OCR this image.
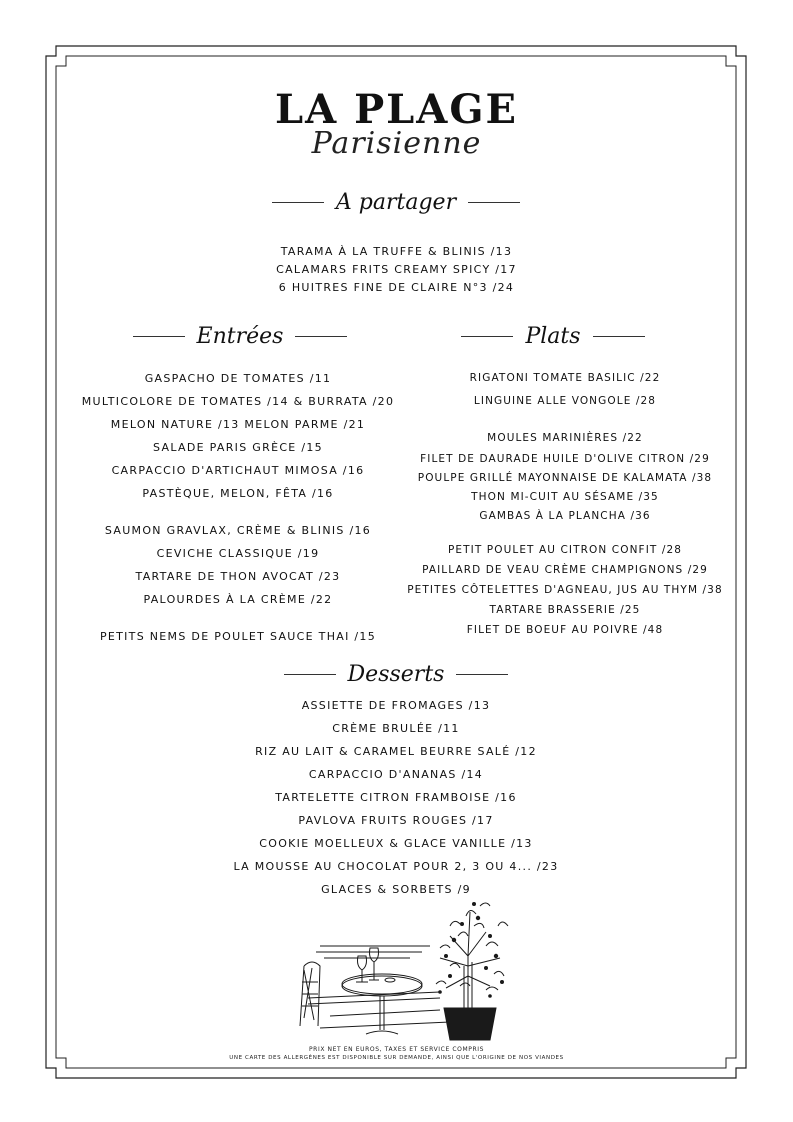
LA PLAGE
Parisienne
A partager
TARAMA À LA TRUFFE & BLINIS /13
CALAMARS FRITS CREAMY SPICY /17
6 HUITRES FINE DE CLAIRE N°3 /24
Entrées
GASPACHO DE TOMATES /11
MULTICOLORE DE TOMATES /14 & BURRATA /20
MELON NATURE /13 MELON PARME /21
SALADE PARIS GRÈCE /15
CARPACCIO D'ARTICHAUT MIMOSA /16
PASTÈQUE, MELON, FÊTA /16
SAUMON GRAVLAX, CRÈME & BLINIS /16
CEVICHE CLASSIQUE /19
TARTARE DE THON AVOCAT /23
PALOURDES À LA CRÈME /22
PETITS NEMS DE POULET SAUCE THAI /15
Plats
RIGATONI TOMATE BASILIC /22
LINGUINE ALLE VONGOLE /28
MOULES MARINIÈRES /22
FILET DE DAURADE HUILE D'OLIVE CITRON /29
POULPE GRILLÉ MAYONNAISE DE KALAMATA /38
THON MI-CUIT AU SÉSAME /35
GAMBAS À LA PLANCHA /36
PETIT POULET AU CITRON CONFIT /28
PAILLARD DE VEAU CRÈME CHAMPIGNONS /29
PETITES CÔTELETTES D'AGNEAU, JUS AU THYM /38
TARTARE BRASSERIE /25
FILET DE BOEUF AU POIVRE /48
Desserts
ASSIETTE DE FROMAGES /13
CRÈME BRULÉE /11
RIZ AU LAIT & CARAMEL BEURRE SALÉ /12
CARPACCIO D'ANANAS /14
TARTELETTE CITRON FRAMBOISE /16
PAVLOVA FRUITS ROUGES /17
COOKIE MOELLEUX & GLACE VANILLE /13
LA MOUSSE AU CHOCOLAT POUR 2, 3 OU 4... /23
GLACES & SORBETS /9
PRIX NET EN EUROS, TAXES ET SERVICE COMPRIS
UNE CARTE DES ALLERGÈNES EST DISPONIBLE SUR DEMANDE, AINSI QUE L'ORIGINE DE NOS VIANDES
